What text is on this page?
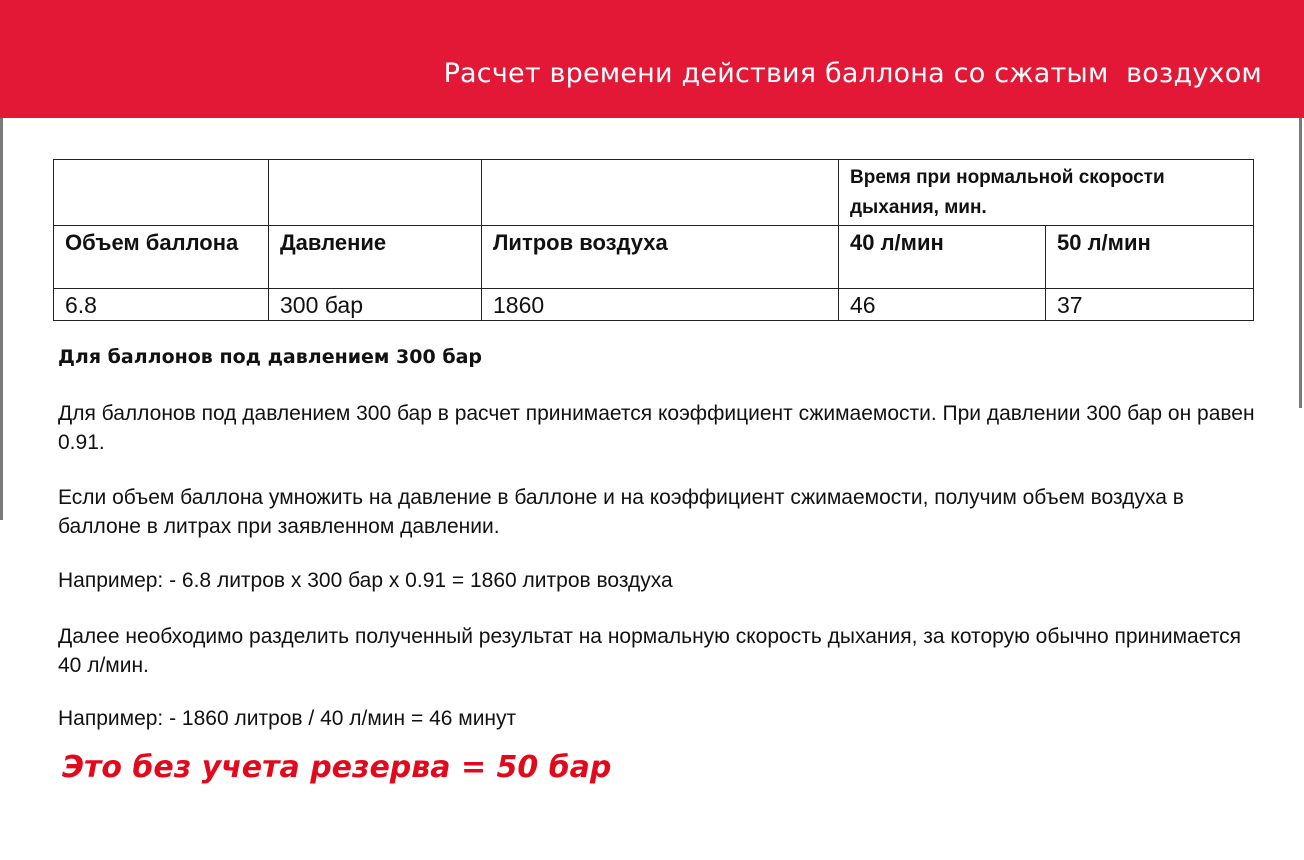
Расчет времени действия баллона со сжатым  воздухом
			Время при нормальной скорости дыхания, мин.	
Объем баллона	Давление	Литров воздуха	40 л/мин	50 л/мин
6.8	300 бар	1860	46	37
Для баллонов под давлением 300 бар

Для баллонов под давлением 300 бар в расчет принимается коэффициент сжимаемости. При давлении 300 бар он равен 0.91.

Если объем баллона умножить на давление в баллоне и на коэффициент сжимаемости, получим объем воздуха в баллоне в литрах при заявленном давлении.

Например: - 6.8 литров х 300 бар х 0.91 = 1860 литров воздуха

Далее необходимо разделить полученный результат на нормальную скорость дыхания, за которую обычно принимается 40 л/мин.

Например: - 1860 литров / 40 л/мин = 46 минут

Это без учета резерва = 50 бар
